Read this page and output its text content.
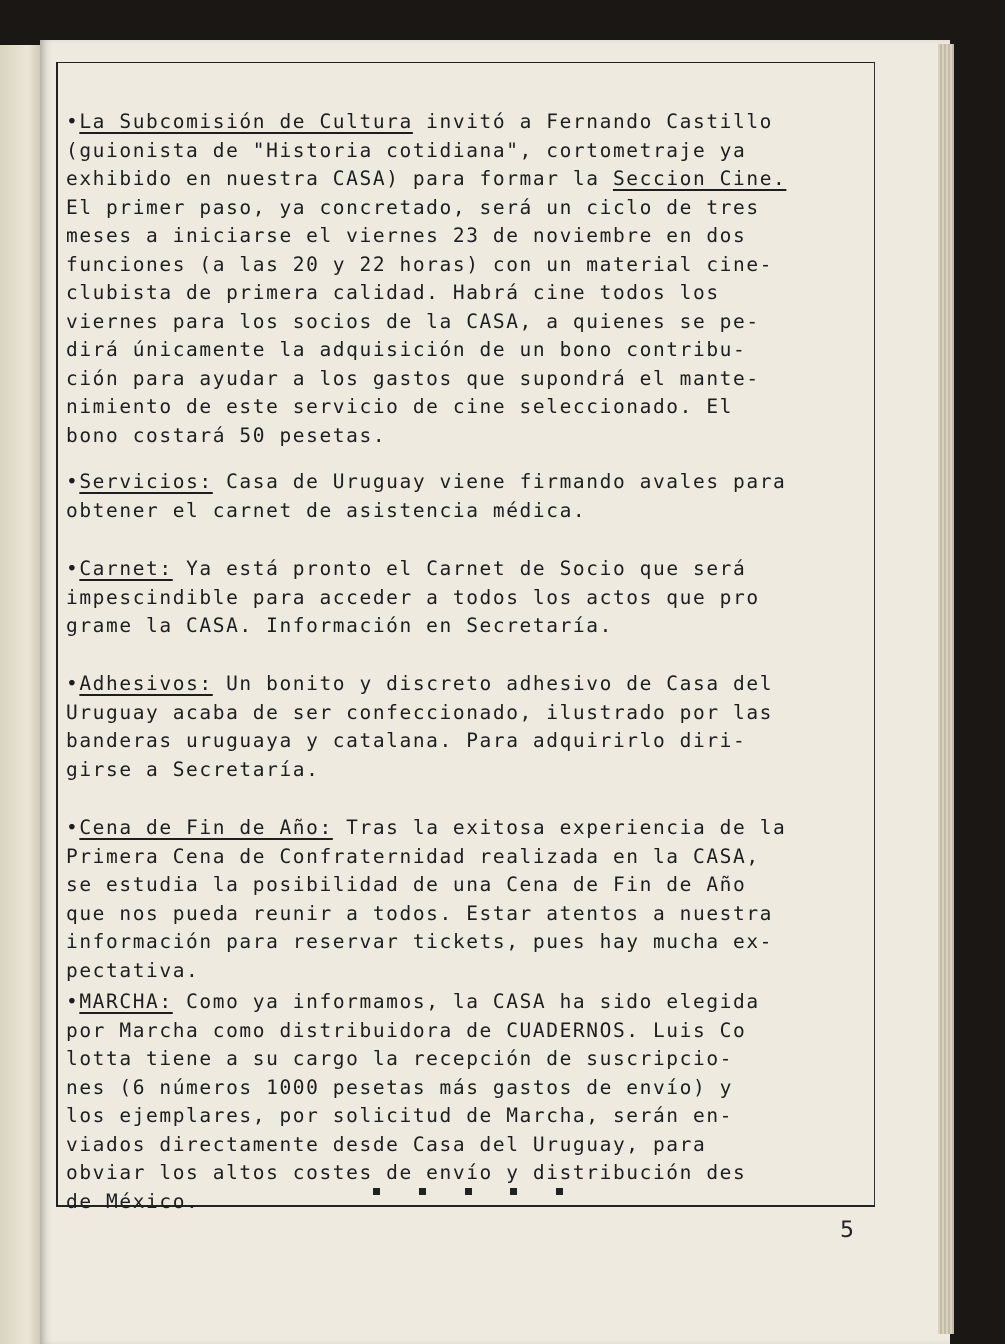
•La Subcomisión de Cultura invitó a Fernando Castillo
(guionista de "Historia cotidiana", cortometraje ya
exhibido en nuestra CASA) para formar la Seccion Cine.
El primer paso, ya concretado, será un ciclo de tres
meses a iniciarse el viernes 23 de noviembre en dos
funciones (a las 20 y 22 horas) con un material cine-
clubista de primera calidad. Habrá cine todos los
viernes para los socios de la CASA, a quienes se pe-
dirá únicamente la adquisición de un bono contribu-
ción para ayudar a los gastos que supondrá el mante-
nimiento de este servicio de cine seleccionado. El
bono costará 50 pesetas.

•Servicios: Casa de Uruguay viene firmando avales para
obtener el carnet de asistencia médica.

•Carnet: Ya está pronto el Carnet de Socio que será
impescindible para acceder a todos los actos que pro
grame la CASA. Información en Secretaría.

•Adhesivos: Un bonito y discreto adhesivo de Casa del
Uruguay acaba de ser confeccionado, ilustrado por las
banderas uruguaya y catalana. Para adquirirlo diri-
girse a Secretaría.

•Cena de Fin de Año: Tras la exitosa experiencia de la
Primera Cena de Confraternidad realizada en la CASA,
se estudia la posibilidad de una Cena de Fin de Año
que nos pueda reunir a todos. Estar atentos a nuestra
información para reservar tickets, pues hay mucha ex-
pectativa.

•MARCHA: Como ya informamos, la CASA ha sido elegida
por Marcha como distribuidora de CUADERNOS. Luis Co
lotta tiene a su cargo la recepción de suscripcio-
nes (6 números 1000 pesetas más gastos de envío) y
los ejemplares, por solicitud de Marcha, serán en-
viados directamente desde Casa del Uruguay, para
obviar los altos costes de envío y distribución des
de México.

5
